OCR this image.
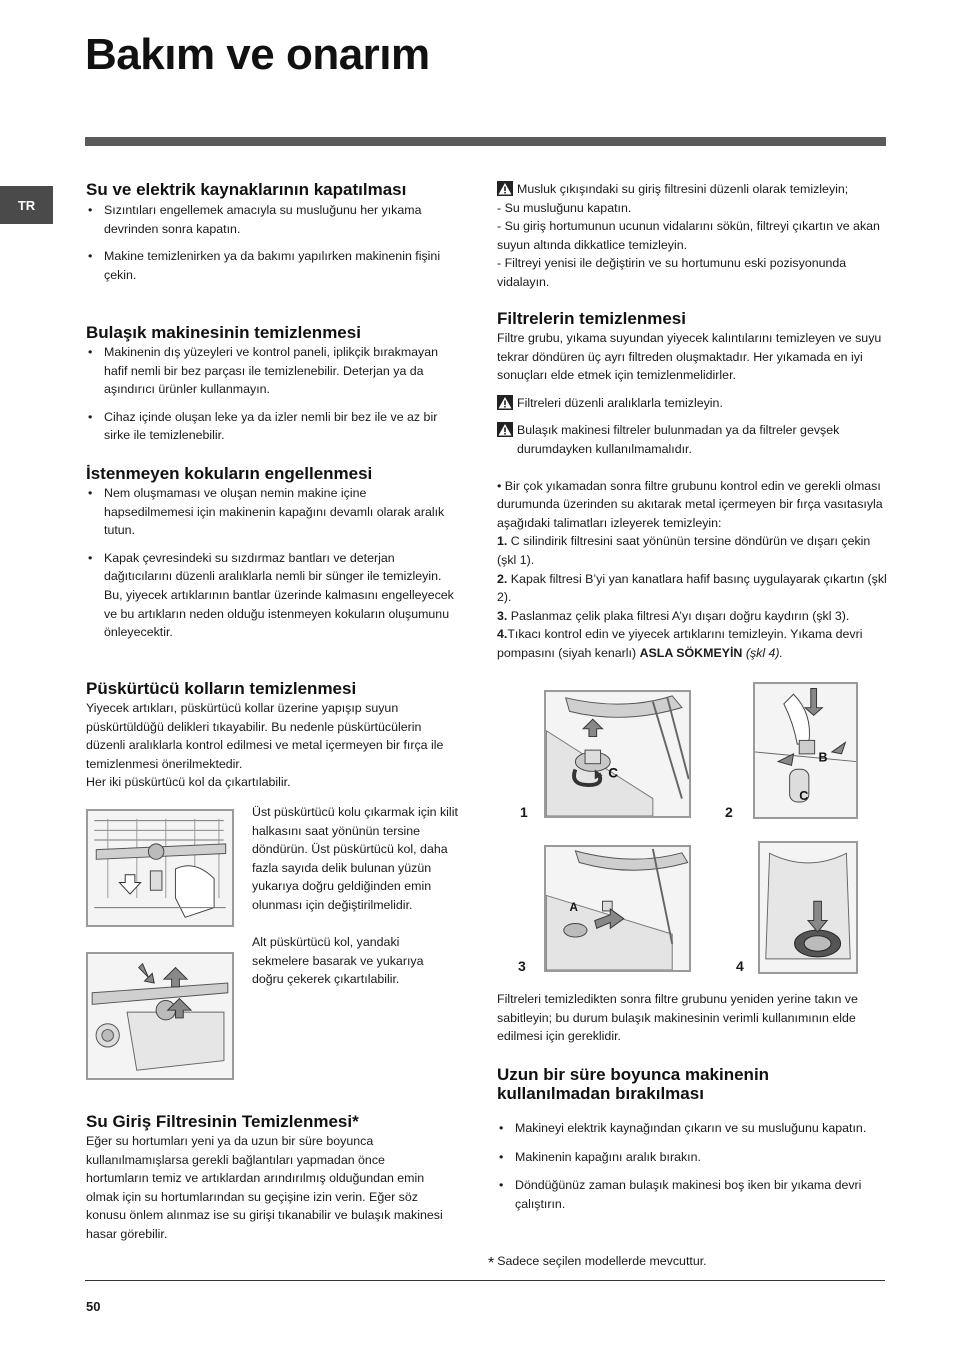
Bakım ve onarım
TR
Su ve elektrik kaynaklarının kapatılması
• Sızıntıları engellemek amacıyla su musluğunu her yıkama devrinden sonra kapatın.
• Makine temizlenirken ya da bakımı yapılırken makinenin fişini çekin.
Bulaşık makinesinin temizlenmesi
• Makinenin dış yüzeyleri ve kontrol paneli, iplikçik bırakmayan hafif nemli bir bez parçası ile temizlenebilir. Deterjan ya da aşındırıcı ürünler kullanmayın.
• Cihaz içinde oluşan leke ya da izler nemli bir bez ile ve az bir sirke ile temizlenebilir.
İstenmeyen kokuların engellenmesi
• Nem oluşmaması ve oluşan nemin makine içine hapsedilmemesi için makinenin kapağını devamlı olarak aralık tutun.
• Kapak çevresindeki su sızdırmaz bantları ve deterjan dağıtıcılarını düzenli aralıklarla nemli bir sünger ile temizleyin. Bu, yiyecek artıklarının bantlar üzerinde kalmasını engelleyecek ve bu artıkların neden olduğu istenmeyen kokuların oluşumunu önleyecektir.
Püskürtücü kolların temizlenmesi

Yiyecek artıkları, püskürtücü kollar üzerine yapışıp suyun püskürtüldüğü delikleri tıkayabilir. Bu nedenle püskürtücülerin düzenli aralıklarla kontrol edilmesi ve metal içermeyen bir fırça ile temizlenmesi önerilmektedir.

Her iki püskürtücü kol da çıkartılabilir.

Üst püskürtücü kolu çıkarmak için kilit halkasını saat yönünün tersine döndürün. Üst püskürtücü kol, daha fazla sayıda delik bulunan yüzün yukarıya doğru geldiğinden emin olunması için değiştirilmelidir.

Alt püskürtücü kol, yandaki sekmelere basarak ve yukarıya doğru çekerek çıkartılabilir.

Su Giriş Filtresinin Temizlenmesi*

Eğer su hortumları yeni ya da uzun bir süre boyunca kullanılmamışlarsa gerekli bağlantıları yapmadan önce hortumların temiz ve artıklardan arındırılmış olduğundan emin olmak için su hortumlarından su geçişine izin verin. Eğer söz konusu önlem alınmaz ise su girişi tıkanabilir ve bulaşık makinesi hasar görebilir.

Musluk çıkışındaki su giriş filtresini düzenli olarak temizleyin;

- Su musluğunu kapatın.

- Su giriş hortumunun ucunun vidalarını sökün, filtreyi çıkartın ve akan suyun altında dikkatlice temizleyin.

- Filtreyi yenisi ile değiştirin ve su hortumunu eski pozisyonunda vidalayın.

Filtrelerin temizlenmesi

Filtre grubu, yıkama suyundan yiyecek kalıntılarını temizleyen ve suyu tekrar döndüren üç ayrı filtreden oluşmaktadır. Her yıkamada en iyi sonuçları elde etmek için temizlenmelidirler.

Filtreleri düzenli aralıklarla temizleyin.
Bulaşık makinesi filtreler bulunmadan ya da filtreler gevşek durumdayken kullanılmamalıdır.

• Bir çok yıkamadan sonra filtre grubunu kontrol edin ve gerekli olması durumunda üzerinden su akıtarak metal içermeyen bir fırça vasıtasıyla aşağıdaki talimatları izleyerek temizleyin:

1. C silindirik filtresini saat yönünün tersine döndürün ve dışarı çekin (şkl 1).

2. Kapak filtresi B’yi yan kanatlara hafif basınç uygulayarak çıkartın (şkl 2).

3. Paslanmaz çelik plaka filtresi A’yı dışarı doğru kaydırın (şkl 3).

4.Tıkacı kontrol edin ve yiyecek artıklarını temizleyin. Yıkama devri pompasını (siyah kenarlı) ASLA SÖKMEYİN (şkl 4).

C
1
B
C
2
A
3	4

Filtreleri temizledikten sonra filtre grubunu yeniden yerine takın ve sabitleyin; bu durum bulaşık makinesinin verimli kullanımının elde edilmesi için gereklidir.

Uzun bir süre boyunca makinenin kullanılmadan bırakılması
• Makineyi elektrik kaynağından çıkarın ve su musluğunu kapatın.
• Makinenin kapağını aralık bırakın.
• Döndüğünüz zaman bulaşık makinesi boş iken bir yıkama devri çalıştırın.
* Sadece seçilen modellerde mevcuttur.
50
